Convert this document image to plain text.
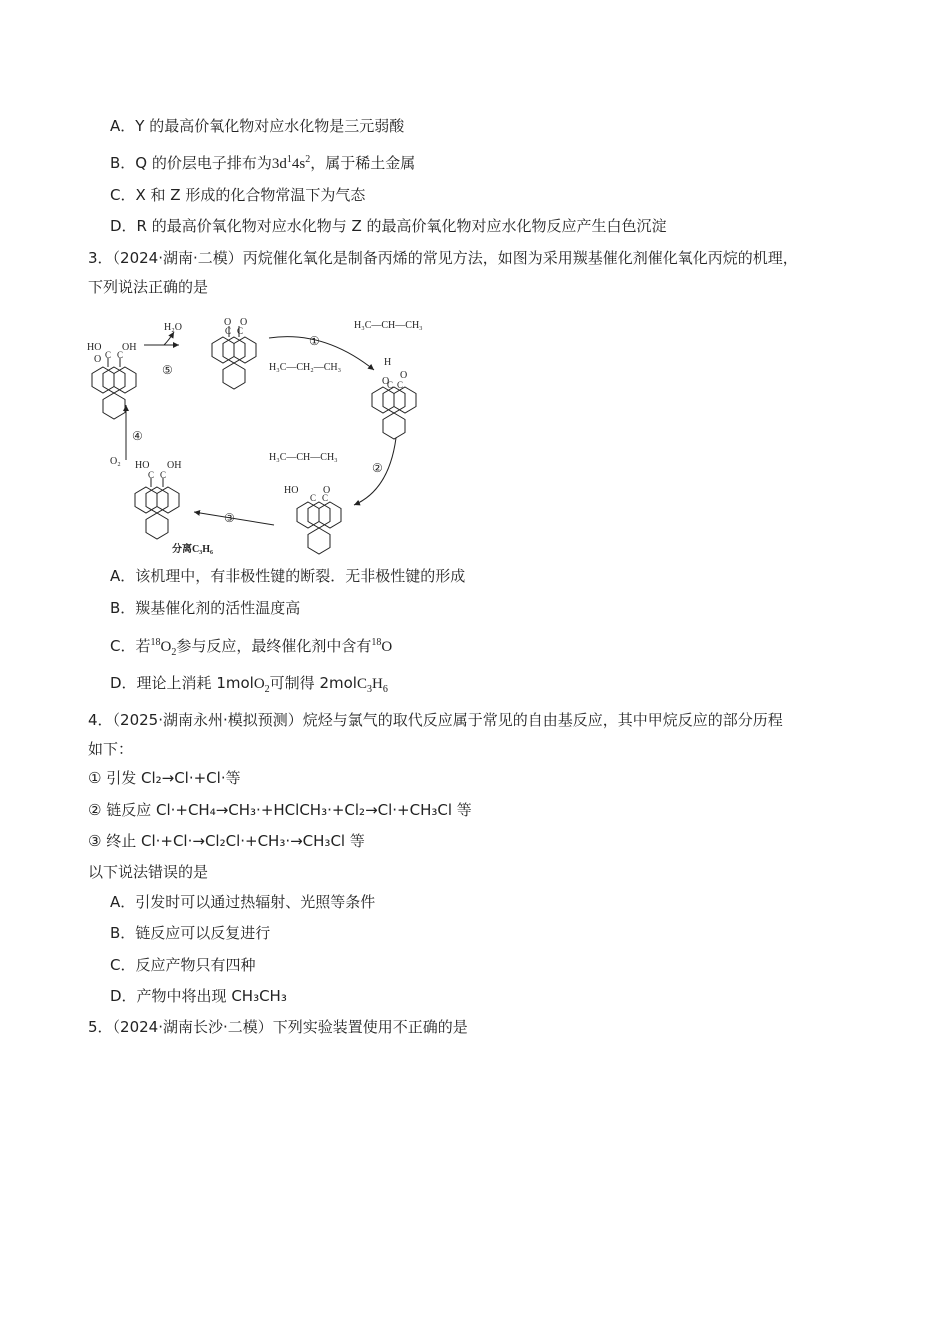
A．Y 的最高价氧化物对应水化物是三元弱酸
B．Q 的价层电子排布为$3d^14s^2$，属于稀土金属
C．X 和 Z 形成的化合物常温下为气态
D．R 的最高价氧化物对应水化物与 Z 的最高价氧化物对应水化物反应产生白色沉淀
3．（2024·湖南·二模）丙烷催化氧化是制备丙烯的常见方法，如图为采用羰基催化剂催化氧化丙烷的机理，
下列说法正确的是
HO OH
O C C
O O
C C
O
O
C C
H
H₃C—CH—CH₃
HO O
C C
H₃C—CH—CH₃
HO OH
C C
H₃C—CH₂—CH₃
H₂O
⑤
①
②
③
分离C₃H₆
④
O₂
A．该机理中，有非极性键的断裂．无非极性键的形成
B．羰基催化剂的活性温度高
C．若$^{18}O_2$参与反应，最终催化剂中含有$^{18}$O
D．理论上消耗 1molO$_2$可制得 $2molC_3H_6$
4．（2025·湖南永州·模拟预测）烷烃与氯气的取代反应属于常见的自由基反应，其中甲烷反应的部分历程
如下：
① 引发 Cl₂→Cl·+Cl·等
② 链反应 Cl·+CH₄→CH₃·+HClCH₃·+Cl₂→Cl·+CH₃Cl 等
③ 终止 Cl·+Cl·→Cl₂Cl·+CH₃·→CH₃Cl 等
以下说法错误的是
A．引发时可以通过热辐射、光照等条件
B．链反应可以反复进行
C．反应产物只有四种
D．产物中将出现 CH₃CH₃
5．（2024·湖南长沙·二模）下列实验装置使用不正确的是
